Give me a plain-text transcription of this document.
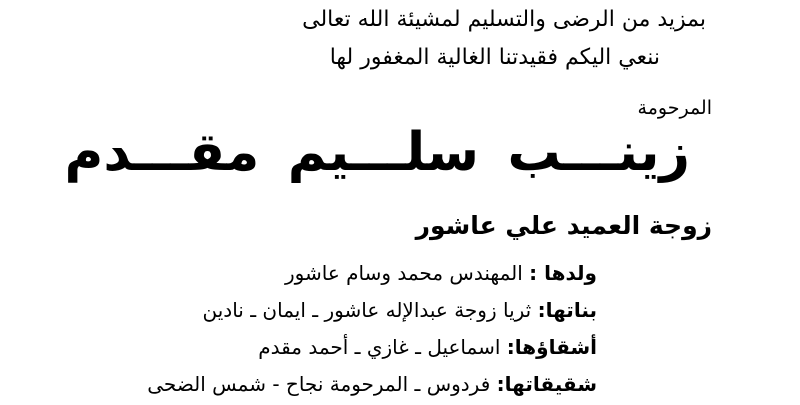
بمزيد من الرضى والتسليم لمشيئة الله تعالى
ننعي اليكم فقيدتنا الغالية المغفور لها
المرحومة
زينـــب سلـــيم مقـــدم
زوجة العميد علي عاشور
ولدها : المهندس محمد وسام عاشور
بناتها: ثريا زوجة عبدالإله عاشور ـ ايمان ـ نادين
أشقاؤها: اسماعيل ـ غازي ـ أحمد مقدم
شقيقاتها: فردوس ـ المرحومة نجاح - شمس الضحى
